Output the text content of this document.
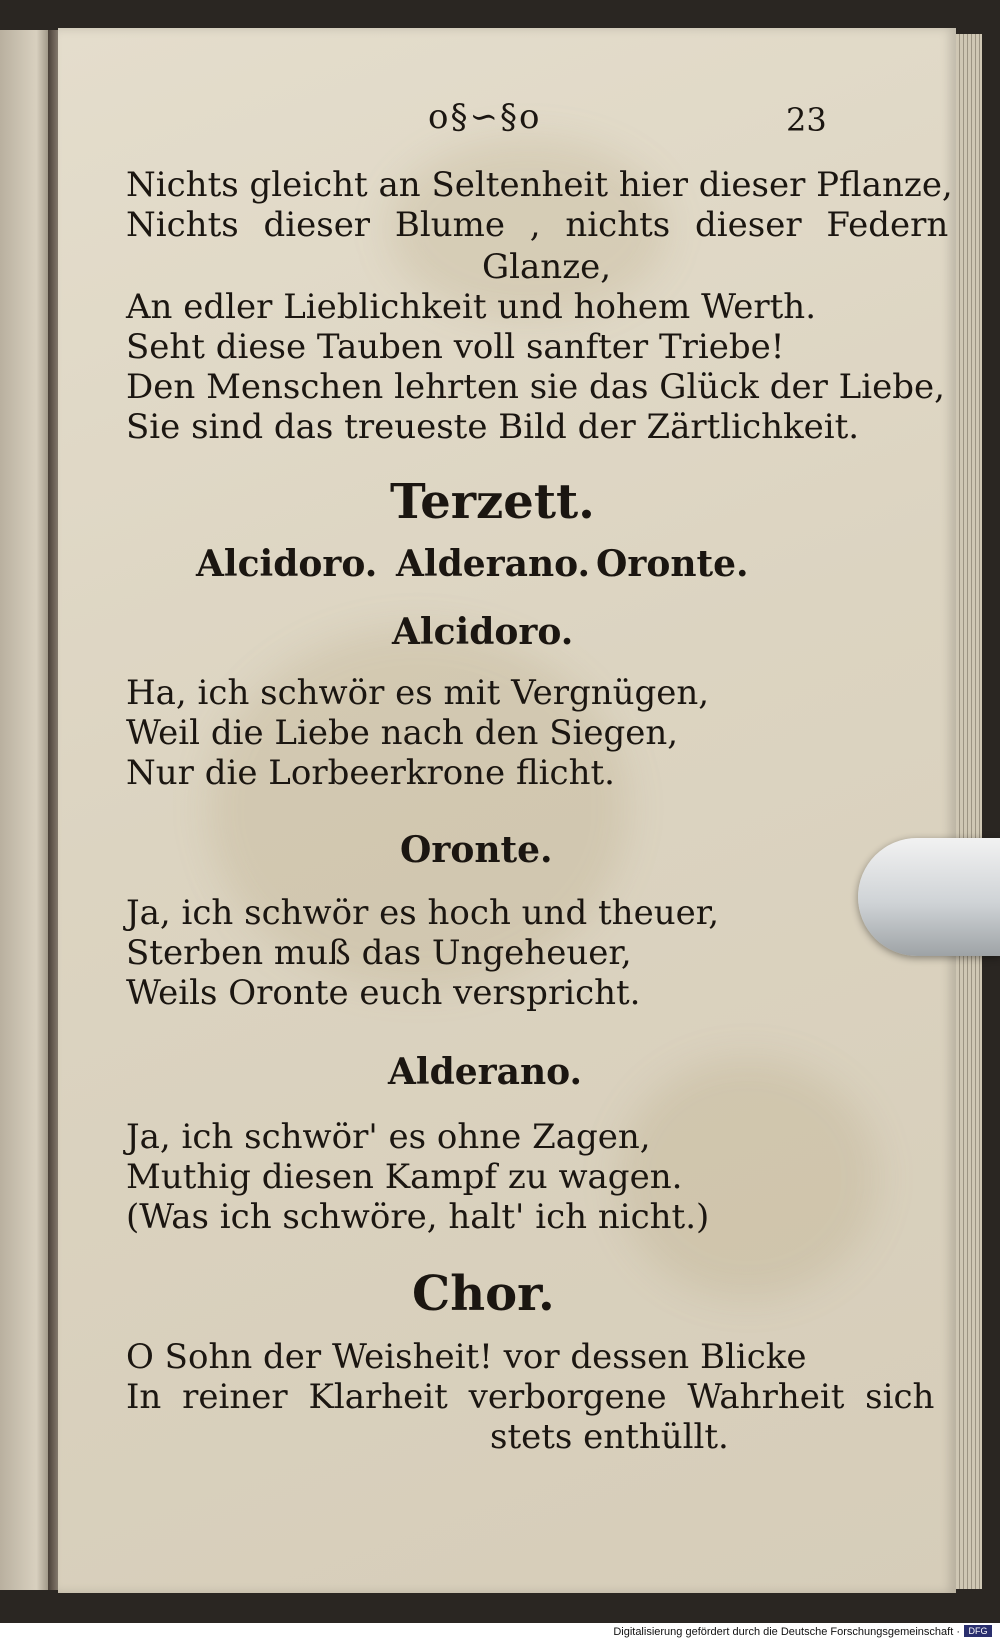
o§∽§o	23
Nichts gleicht an Seltenheit hier dieser Pflanze,
Nichts dieser Blume , nichts dieser Federn
Glanze,
An edler Lieblichkeit und hohem Werth.
Seht diese Tauben voll sanfter Triebe!
Den Menschen lehrten sie das Glück der Liebe,
Sie sind das treueste Bild der Zärtlichkeit.
Terzett.
Alcidoro. Alderano. Oronte.
Alcidoro.
Ha, ich schwör es mit Vergnügen,
Weil die Liebe nach den Siegen,
Nur die Lorbeerkrone flicht.
Oronte.
Ja, ich schwör es hoch und theuer,
Sterben muß das Ungeheuer,
Weils Oronte euch verspricht.
Alderano.
Ja, ich schwör' es ohne Zagen,
Muthig diesen Kampf zu wagen.
(Was ich schwöre, halt' ich nicht.)
Chor.
O Sohn der Weisheit! vor dessen Blicke
In reiner Klarheit verborgene Wahrheit sich
stets enthüllt.
Digitalisierung gefördert durch die Deutsche Forschungsgemeinschaft · DFG
